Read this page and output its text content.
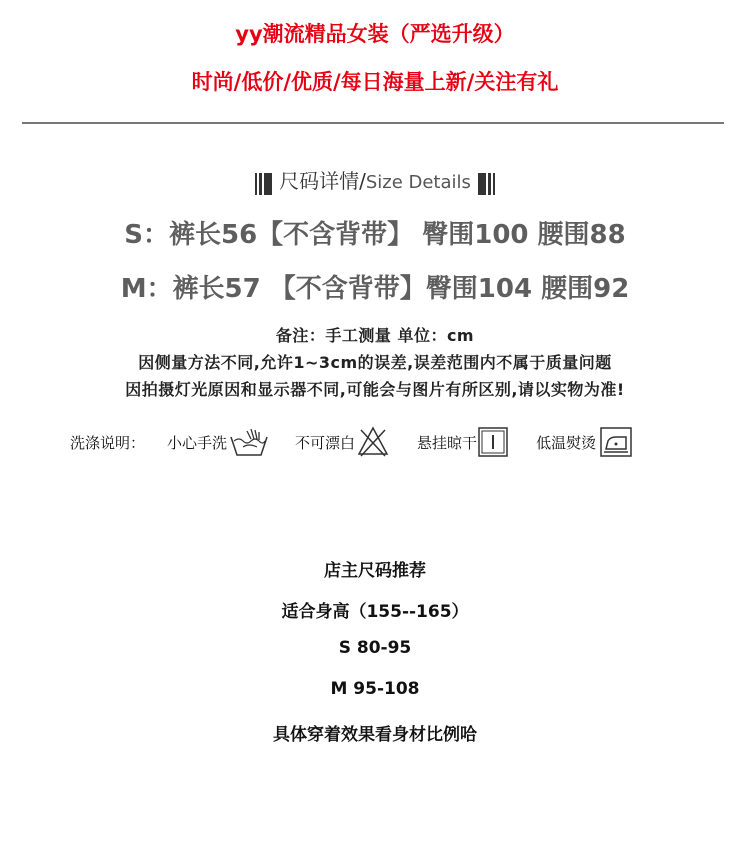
yy潮流精品女装（严选升级）
时尚/低价/优质/每日海量上新/关注有礼
尺码详情/Size Details
S：裤长56【不含背带】 臀围100 腰围88
M：裤长57 【不含背带】臀围104 腰围92
备注：手工测量 单位：cm
因侧量方法不同,允许1~3cm的误差,误差范围内不属于质量问题
因拍摄灯光原因和显示器不同,可能会与图片有所区别,请以实物为准!
洗涤说明： 小心手洗	不可漂白	悬挂晾干	低温熨烫
店主尺码推荐
适合身高（155--165）
S 80-95
M 95-108
具体穿着效果看身材比例哈
